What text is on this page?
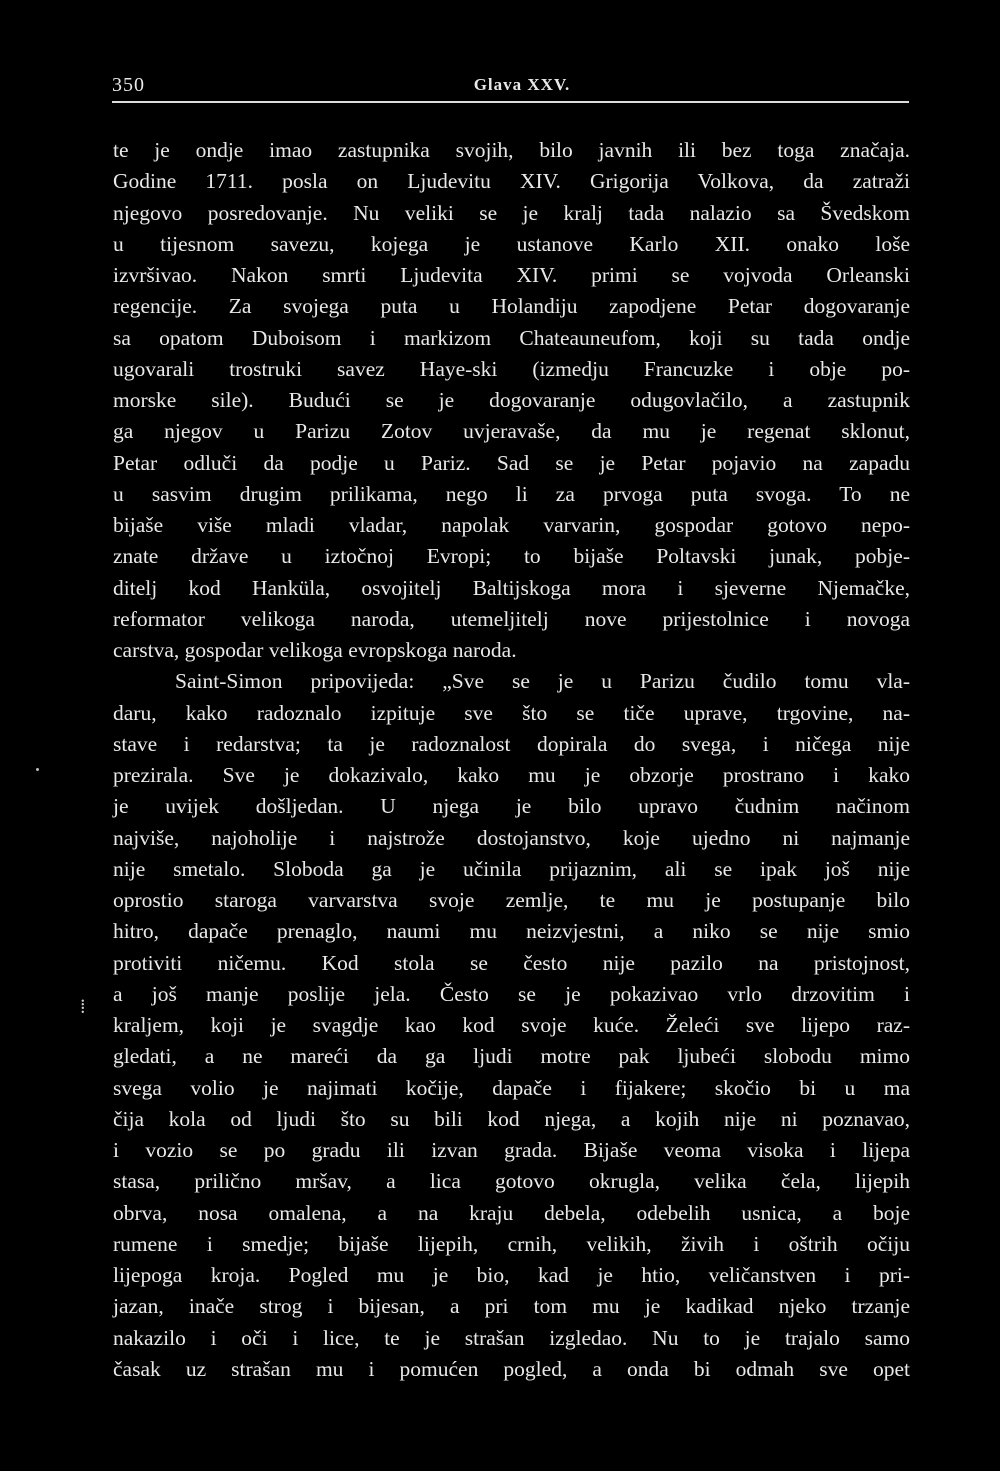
350	Glava XXV.
⁞
te je ondje imao zastupnika svojih, bilo javnih ili bez toga značaja.
Godine 1711. posla on Ljudevitu XIV. Grigorija Volkova, da zatraži
njegovo posredovanje. Nu veliki se je kralj tada nalazio sa Švedskom
u tijesnom savezu, kojega je ustanove Karlo XII. onako loše
izvršivao. Nakon smrti Ljudevita XIV. primi se vojvoda Orleanski
regencije. Za svojega puta u Holandiju zapodjene Petar dogovaranje
sa opatom Duboisom i markizom Chateauneufom, koji su tada ondje
ugovarali trostruki savez Haye-ski (izmedju Francuzke i obje po-
morske sile). Budući se je dogovaranje odugovlačilo, a zastupnik
ga njegov u Parizu Zotov uvjeravaše, da mu je regenat sklonut,
Petar odluči da podje u Pariz. Sad se je Petar pojavio na zapadu
u sasvim drugim prilikama, nego li za prvoga puta svoga. To ne
bijaše više mladi vladar, napolak varvarin, gospodar gotovo nepo-
znate države u iztočnoj Evropi; to bijaše Poltavski junak, pobje-
ditelj kod Hanküla, osvojitelj Baltijskoga mora i sjeverne Njemačke,
reformator velikoga naroda, utemeljitelj nove prijestolnice i novoga
carstva, gospodar velikoga evropskoga naroda.
Saint-Simon pripovijeda: „Sve se je u Parizu čudilo tomu vla-
daru, kako radoznalo izpituje sve što se tiče uprave, trgovine, na-
stave i redarstva; ta je radoznalost dopirala do svega, i ničega nije
prezirala. Sve je dokazivalo, kako mu je obzorje prostrano i kako
je uvijek došljedan. U njega je bilo upravo čudnim načinom
najviše, najoholije i najstrože dostojanstvo, koje ujedno ni najmanje
nije smetalo. Sloboda ga je učinila prijaznim, ali se ipak još nije
oprostio staroga varvarstva svoje zemlje, te mu je postupanje bilo
hitro, dapače prenaglo, naumi mu neizvjestni, a niko se nije smio
protiviti ničemu. Kod stola se često nije pazilo na pristojnost,
a još manje poslije jela. Često se je pokazivao vrlo drzovitim i
kraljem, koji je svagdje kao kod svoje kuće. Želeći sve lijepo raz-
gledati, a ne mareći da ga ljudi motre pak ljubeći slobodu mimo
svega volio je najimati kočije, dapače i fijakere; skočio bi u ma
čija kola od ljudi što su bili kod njega, a kojih nije ni poznavao,
i vozio se po gradu ili izvan grada. Bijaše veoma visoka i lijepa
stasa, prilično mršav, a lica gotovo okrugla, velika čela, lijepih
obrva, nosa omalena, a na kraju debela, odebelih usnica, a boje
rumene i smedje; bijaše lijepih, crnih, velikih, živih i oštrih očiju
lijepoga kroja. Pogled mu je bio, kad je htio, veličanstven i pri-
jazan, inače strog i bijesan, a pri tom mu je kadikad njeko trzanje
nakazilo i oči i lice, te je strašan izgledao. Nu to je trajalo samo
časak uz strašan mu i pomućen pogled, a onda bi odmah sve opet
